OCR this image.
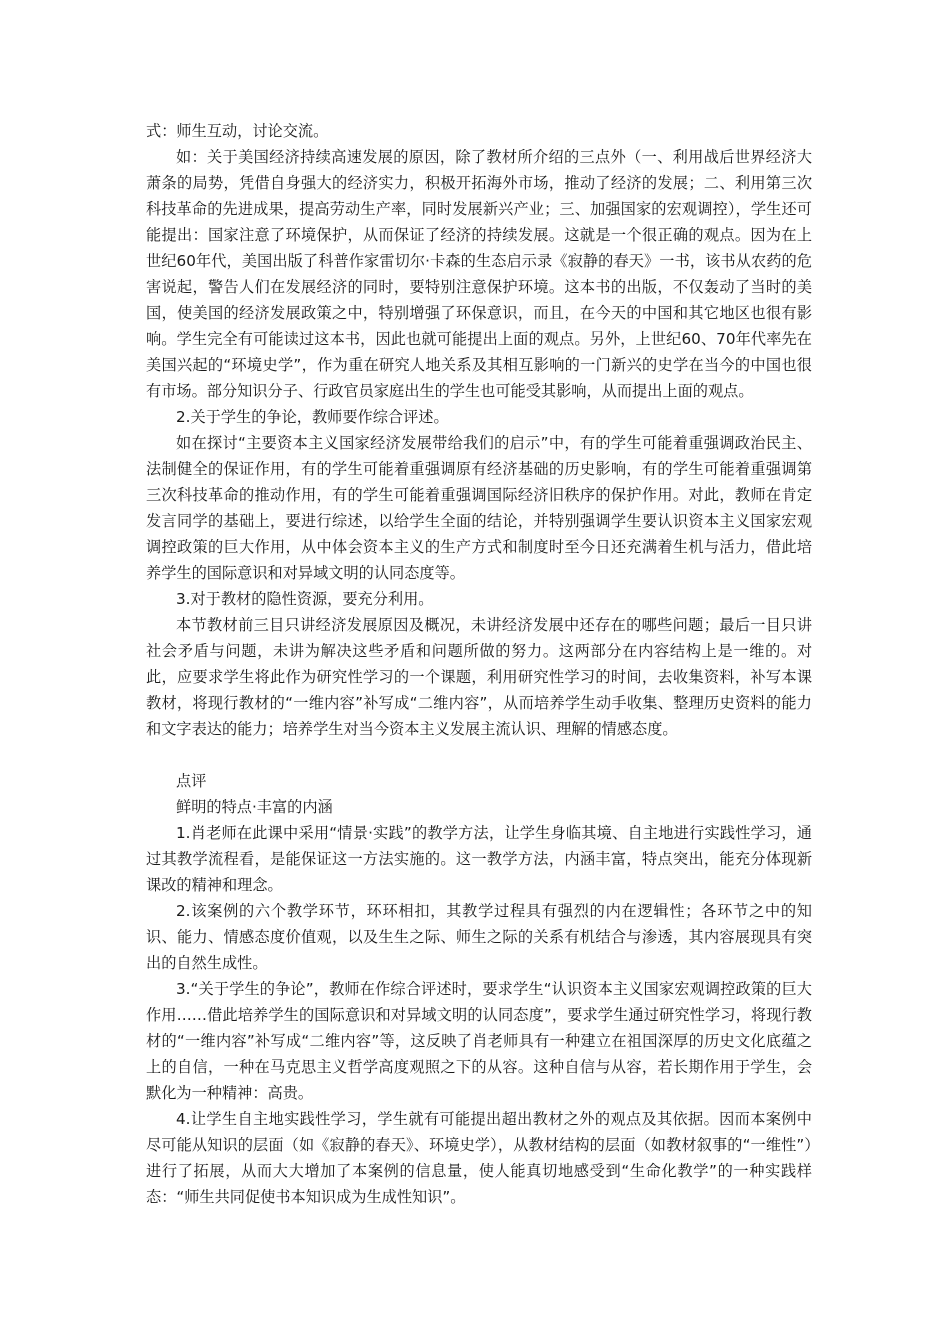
式：师生互动，讨论交流。

如：关于美国经济持续高速发展的原因，除了教材所介绍的三点外（一、利用战后世界经济大萧条的局势，凭借自身强大的经济实力，积极开拓海外市场，推动了经济的发展；二、利用第三次科技革命的先进成果，提高劳动生产率，同时发展新兴产业；三、加强国家的宏观调控），学生还可能提出：国家注意了环境保护，从而保证了经济的持续发展。这就是一个很正确的观点。因为在上世纪60年代，美国出版了科普作家雷切尔·卡森的生态启示录《寂静的春天》一书，该书从农药的危害说起，警告人们在发展经济的同时，要特别注意保护环境。这本书的出版，不仅轰动了当时的美国，使美国的经济发展政策之中，特别增强了环保意识，而且，在今天的中国和其它地区也很有影响。学生完全有可能读过这本书，因此也就可能提出上面的观点。另外，上世纪60、70年代率先在美国兴起的“环境史学”，作为重在研究人地关系及其相互影响的一门新兴的史学在当今的中国也很有市场。部分知识分子、行政官员家庭出生的学生也可能受其影响，从而提出上面的观点。

2.关于学生的争论，教师要作综合评述。

如在探讨“主要资本主义国家经济发展带给我们的启示”中，有的学生可能着重强调政治民主、法制健全的保证作用，有的学生可能着重强调原有经济基础的历史影响，有的学生可能着重强调第三次科技革命的推动作用，有的学生可能着重强调国际经济旧秩序的保护作用。对此，教师在肯定发言同学的基础上，要进行综述，以给学生全面的结论，并特别强调学生要认识资本主义国家宏观调控政策的巨大作用，从中体会资本主义的生产方式和制度时至今日还充满着生机与活力，借此培养学生的国际意识和对异域文明的认同态度等。

3.对于教材的隐性资源，要充分利用。

本节教材前三目只讲经济发展原因及概况，未讲经济发展中还存在的哪些问题；最后一目只讲社会矛盾与问题，未讲为解决这些矛盾和问题所做的努力。这两部分在内容结构上是一维的。对此，应要求学生将此作为研究性学习的一个课题，利用研究性学习的时间，去收集资料，补写本课教材，将现行教材的“一维内容”补写成“二维内容”，从而培养学生动手收集、整理历史资料的能力和文字表达的能力；培养学生对当今资本主义发展主流认识、理解的情感态度。

点评

鲜明的特点·丰富的内涵

1.肖老师在此课中采用“情景·实践”的教学方法，让学生身临其境、自主地进行实践性学习，通过其教学流程看，是能保证这一方法实施的。这一教学方法，内涵丰富，特点突出，能充分体现新课改的精神和理念。

2.该案例的六个教学环节，环环相扣，其教学过程具有强烈的内在逻辑性；各环节之中的知识、能力、情感态度价值观，以及生生之际、师生之际的关系有机结合与渗透，其内容展现具有突出的自然生成性。

3.“关于学生的争论”，教师在作综合评述时，要求学生“认识资本主义国家宏观调控政策的巨大作用……借此培养学生的国际意识和对异域文明的认同态度”，要求学生通过研究性学习，将现行教材的“一维内容”补写成“二维内容”等，这反映了肖老师具有一种建立在祖国深厚的历史文化底蕴之上的自信，一种在马克思主义哲学高度观照之下的从容。这种自信与从容，若长期作用于学生，会默化为一种精神：高贵。

4.让学生自主地实践性学习，学生就有可能提出超出教材之外的观点及其依据。因而本案例中尽可能从知识的层面（如《寂静的春天》、环境史学），从教材结构的层面（如教材叙事的“一维性”）进行了拓展，从而大大增加了本案例的信息量，使人能真切地感受到“生命化教学”的一种实践样态：“师生共同促使书本知识成为生成性知识”。
